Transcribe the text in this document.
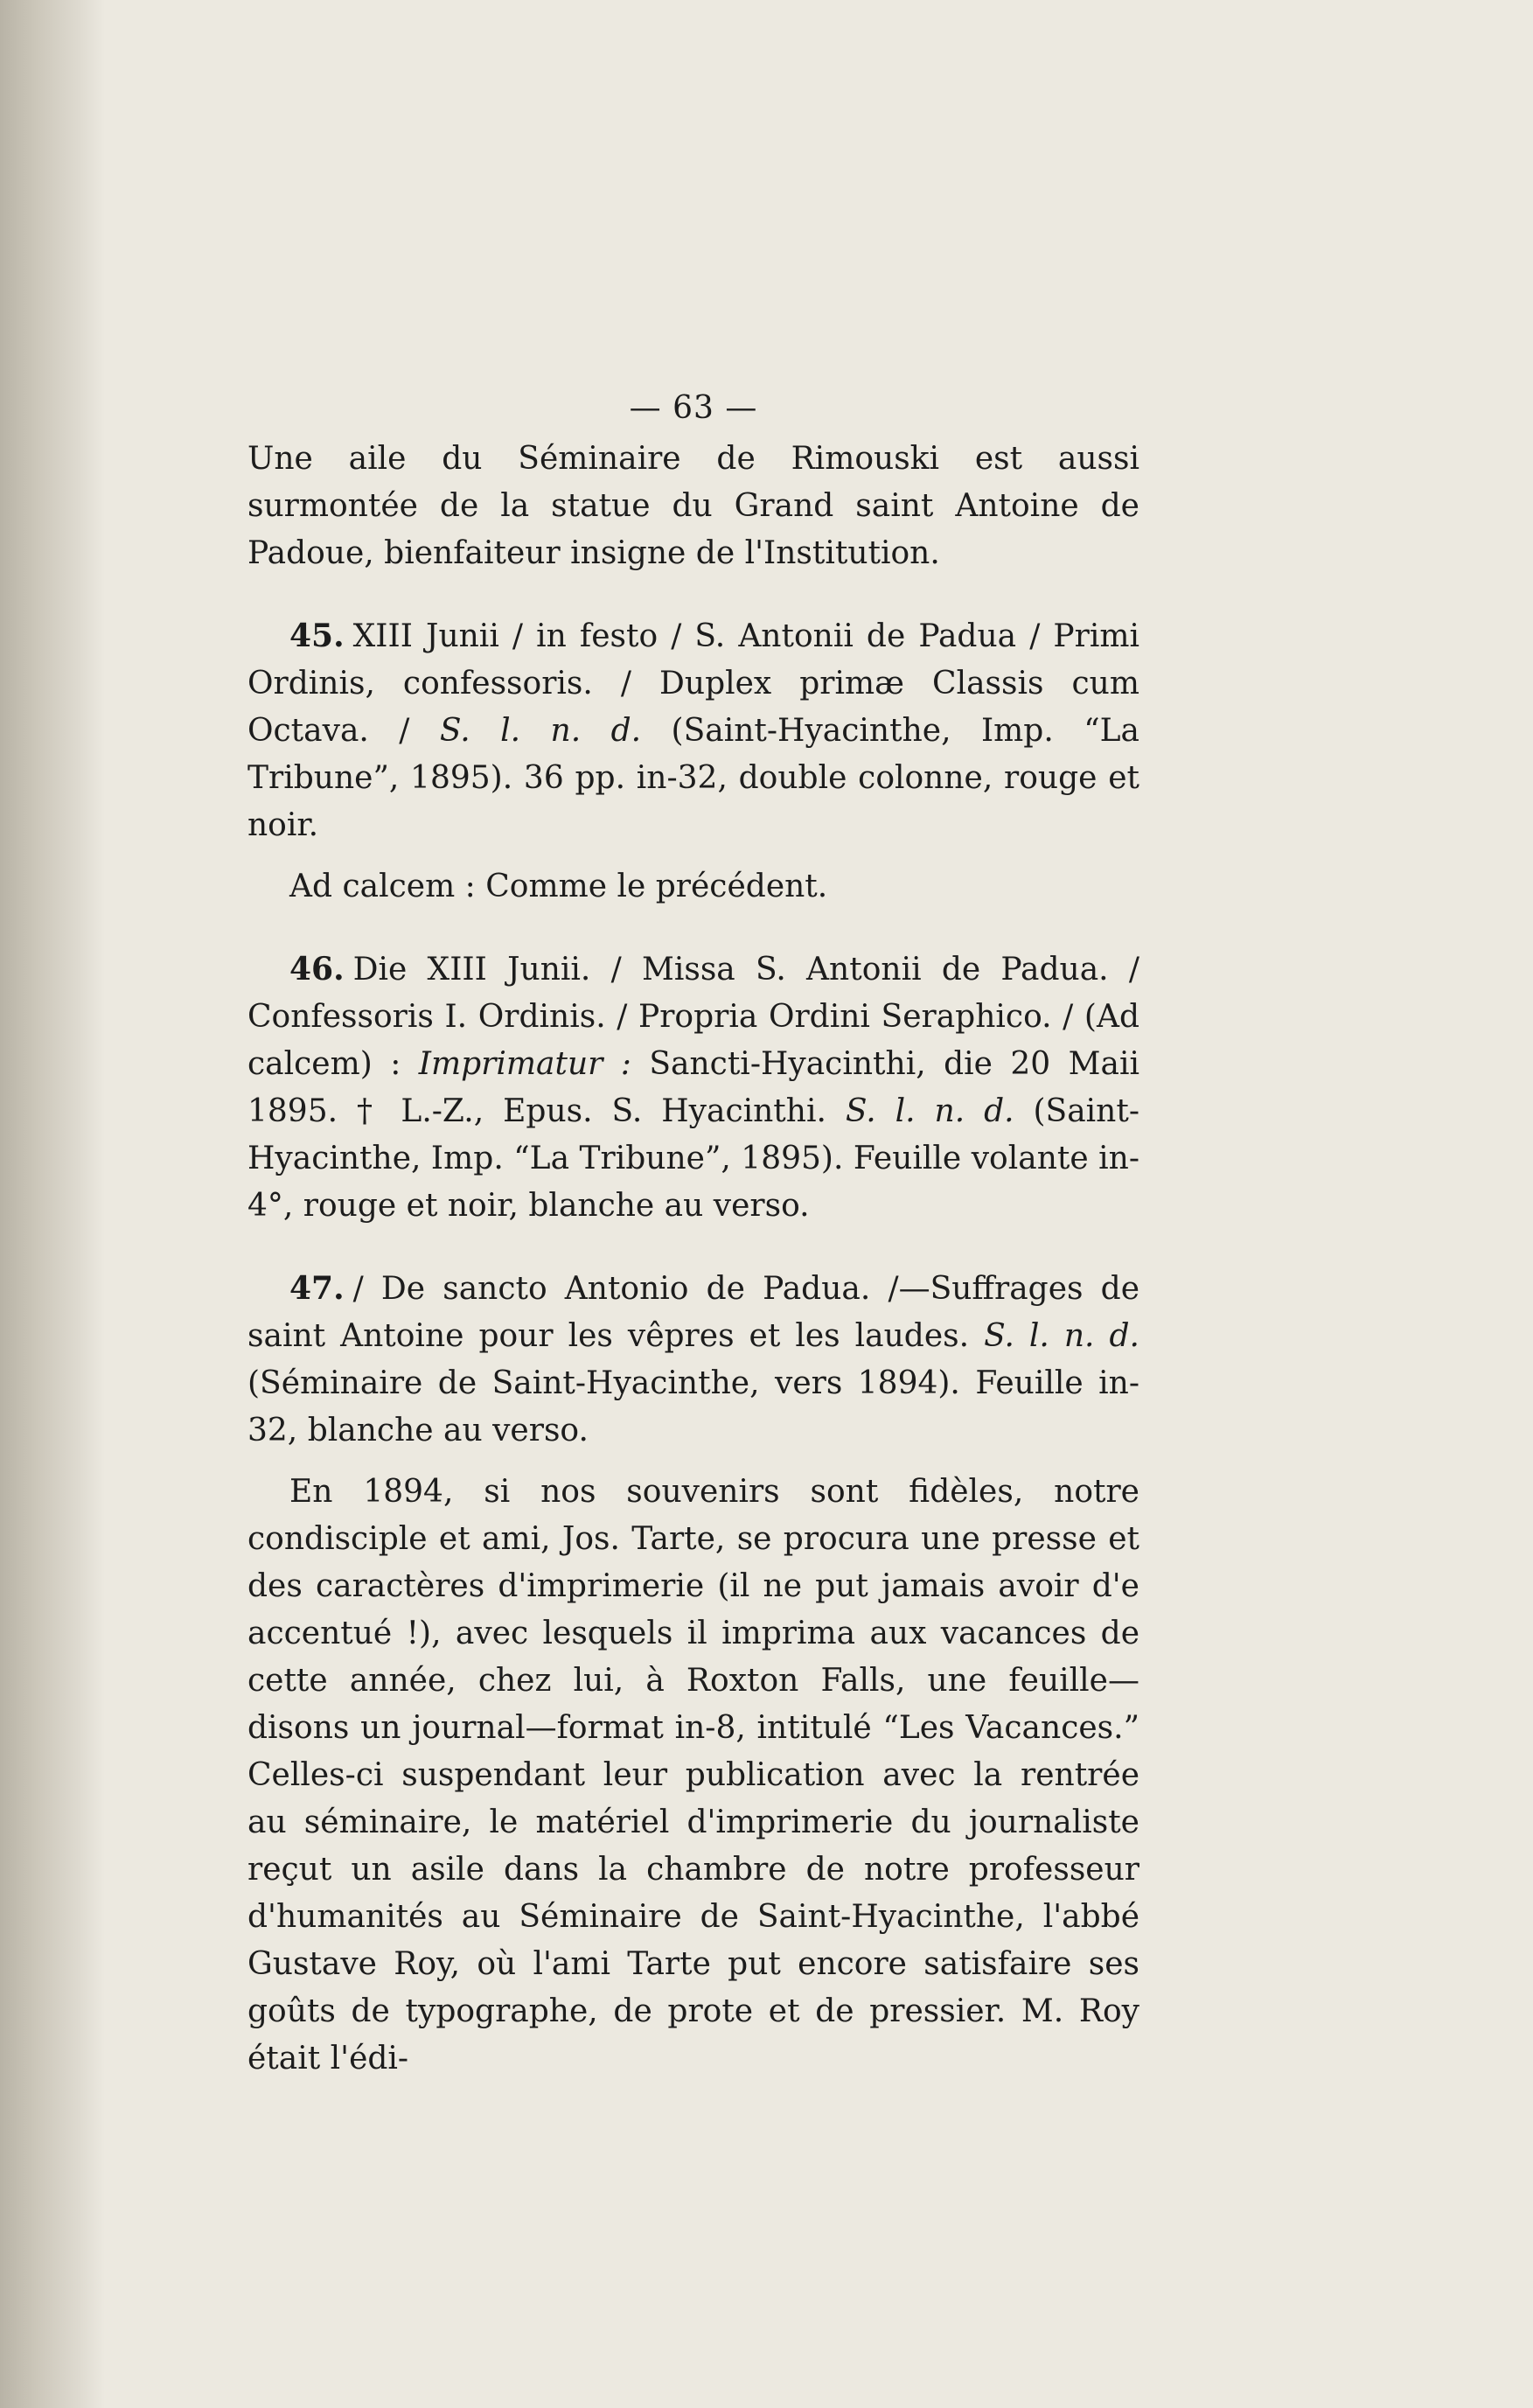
— 63 —

Une aile du Séminaire de Rimouski est aussi surmontée de la statue du Grand saint Antoine de Padoue, bienfaiteur insigne de l'Institution.

45. XIII Junii / in festo / S. Antonii de Padua / Primi Ordinis, confessoris. / Duplex primæ Classis cum Octava. / S. l. n. d. (Saint-Hyacinthe, Imp. “La Tribune”, 1895). 36 pp. in-32, double colonne, rouge et noir.

Ad calcem : Comme le précédent.

46. Die XIII Junii. / Missa S. Antonii de Padua. / Confessoris I. Ordinis. / Propria Ordini Seraphico. / (Ad calcem) : Imprimatur : Sancti-Hyacinthi, die 20 Maii 1895. † L.-Z., Epus. S. Hyacinthi. S. l. n. d. (Saint-Hyacinthe, Imp. “La Tribune”, 1895). Feuille volante in-4°, rouge et noir, blanche au verso.

47. / De sancto Antonio de Padua. /—Suffrages de saint Antoine pour les vêpres et les laudes. S. l. n. d. (Séminaire de Saint-Hyacinthe, vers 1894). Feuille in-32, blanche au verso.

En 1894, si nos souvenirs sont fidèles, notre condisciple et ami, Jos. Tarte, se procura une presse et des caractères d'imprimerie (il ne put jamais avoir d'e accentué !), avec lesquels il imprima aux vacances de cette année, chez lui, à Roxton Falls, une feuille—disons un journal—format in-8, intitulé “Les Vacances.” Celles-ci suspendant leur publication avec la rentrée au séminaire, le matériel d'imprimerie du journaliste reçut un asile dans la chambre de notre professeur d'humanités au Séminaire de Saint-Hyacinthe, l'abbé Gustave Roy, où l'ami Tarte put encore satisfaire ses goûts de typographe, de prote et de pressier. M. Roy était l'édi-
